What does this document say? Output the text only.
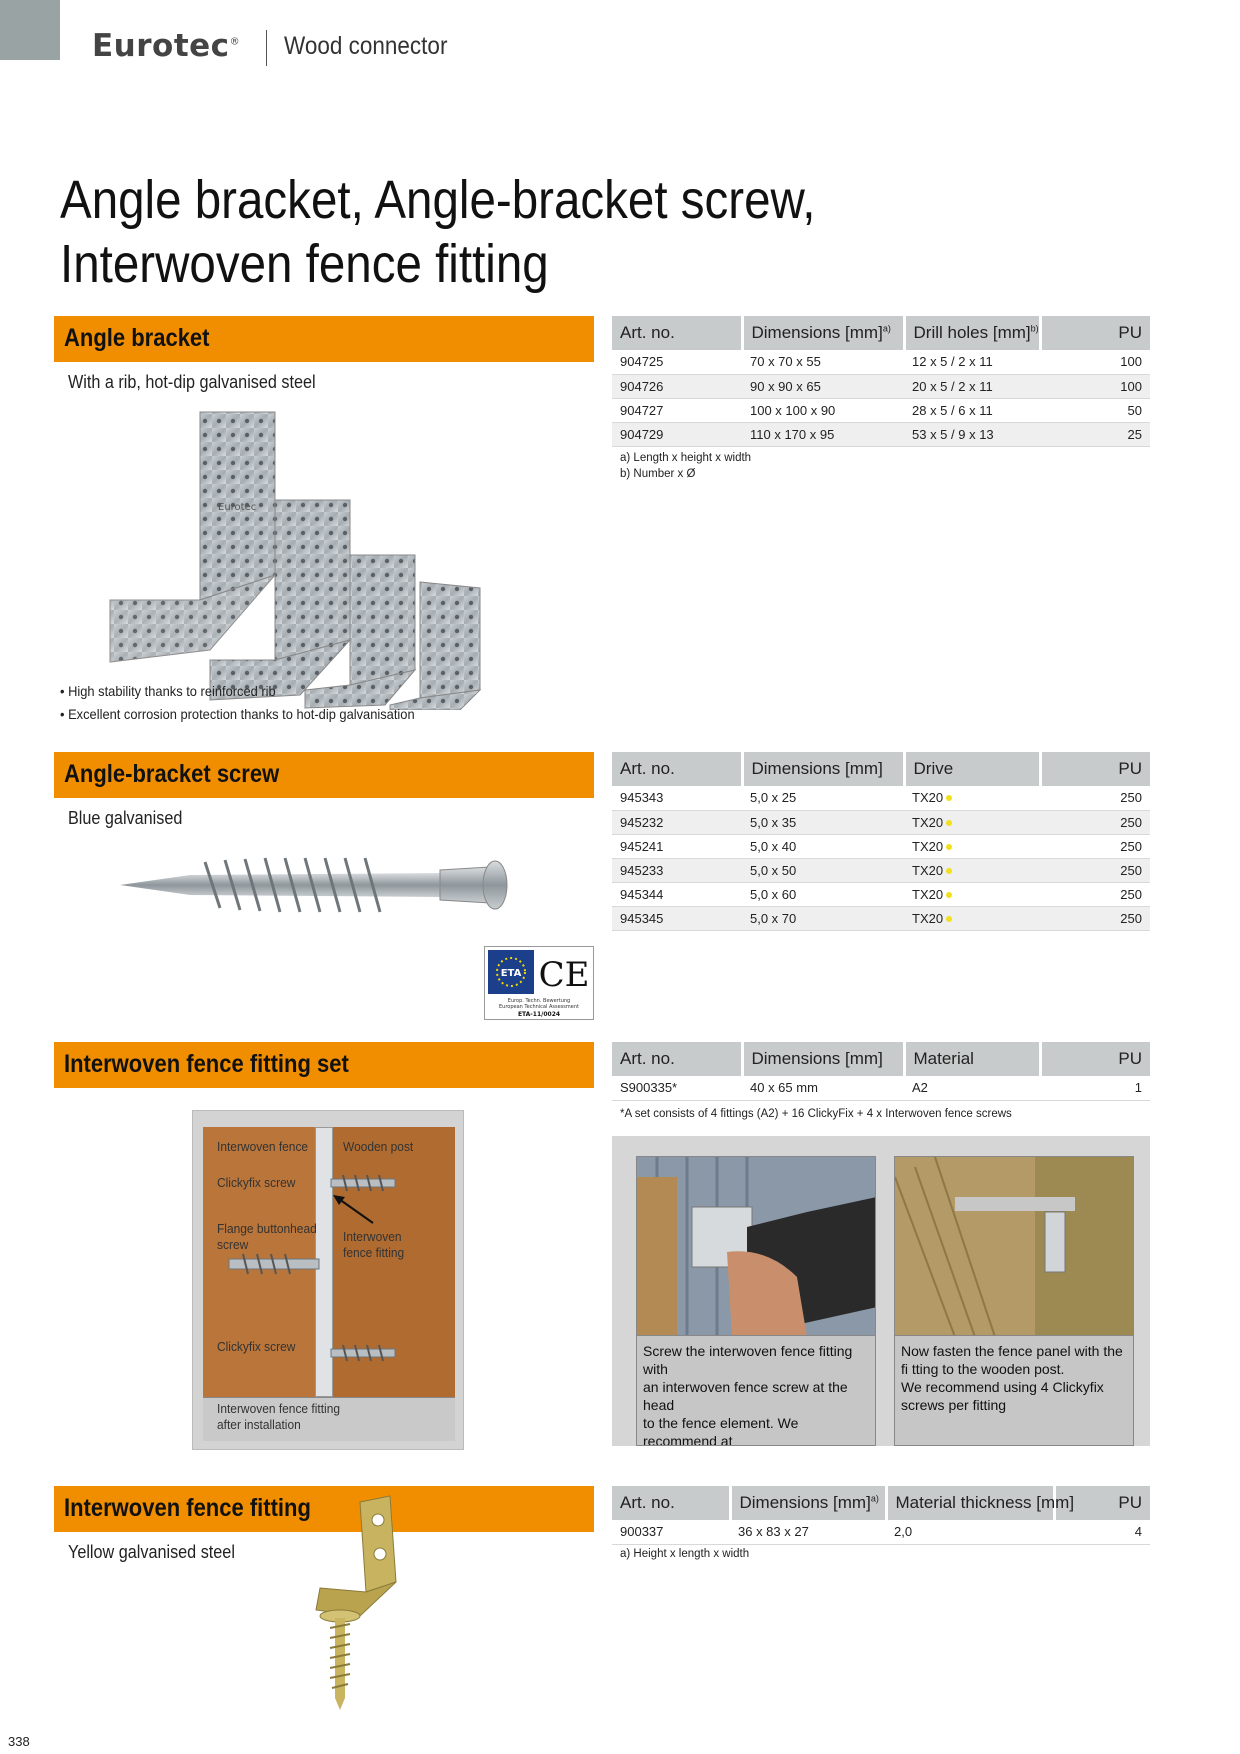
Eurotec® Wood connector
Angle bracket, Angle-bracket screw,
Interwoven fence fitting
Angle bracket
With a rib, hot-dip galvanised steel
Eurotec
• High stability thanks to reinforced rib
• Excellent corrosion protection thanks to hot-dip galvanisation
Art. no.	Dimensions [mm]$^{a)}$	Drill holes [mm]$^{b)}$	PU
904725	70 x 70 x 55	12 x 5 / 2 x 11	100
904726	90 x 90 x 65	20 x 5 / 2 x 11	100
904727	100 x 100 x 90	28 x 5 / 6 x 11	50
904729	110 x 170 x 95	53 x 5 / 9 x 13	25
a) Length x height x width
b) Number x Ø
Angle-bracket screw
Blue galvanised
ETA CE
Europ. Techn. Bewertung
European Technical Assessment
ETA-11/0024
Art. no.	Dimensions [mm]	Drive	PU
945343	5,0 x 25	TX20	250
945232	5,0 x 35	TX20	250
945241	5,0 x 40	TX20	250
945233	5,0 x 50	TX20	250
945344	5,0 x 60	TX20	250
945345	5,0 x 70	TX20	250
Interwoven fence fitting set	Art. no.	Dimensions [mm]	Material	PU
S900335*	40 x 65 mm	A2	1
*A set consists of 4 fittings (A2) + 16 ClickyFix + 4 x Interwoven fence screws
Interwoven fence	Wooden post
Clickyfix screw
Flange buttonhead
screw
Interwoven
fence fitting
Clickyfix screw
Interwoven fence fitting
after installation
Screw the interwoven fence fitting with
an interwoven fence screw at the head
to the fence element. We recommend at
Now fasten the fence panel with the
fi tting to the wooden post.
We recommend using 4 Clickyfix
screws per fitting
Interwoven fence fitting
Yellow galvanised steel
Art. no.	Dimensions [mm]$^{a)}$	Material thickness [mm]	PU
900337	36 x 83 x 27	2,0	4
a) Height x length x width
338
